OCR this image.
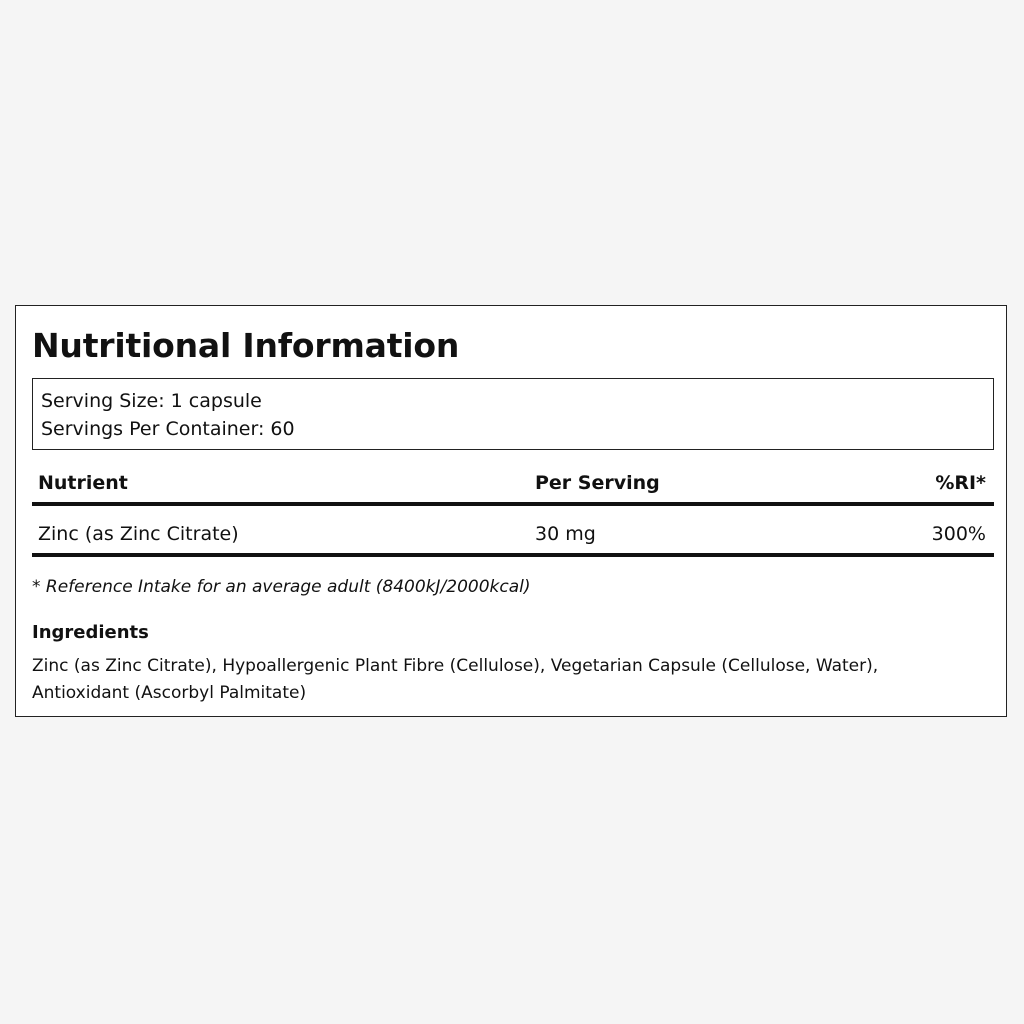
Nutritional Information
Serving Size: 1 capsule
Servings Per Container: 60
Nutrient	Per Serving	%RI*
Zinc (as Zinc Citrate)	30 mg	300%
* Reference Intake for an average adult (8400kJ/2000kcal)
Ingredients
Zinc (as Zinc Citrate), Hypoallergenic Plant Fibre (Cellulose), Vegetarian Capsule (Cellulose, Water), Antioxidant (Ascorbyl Palmitate)
